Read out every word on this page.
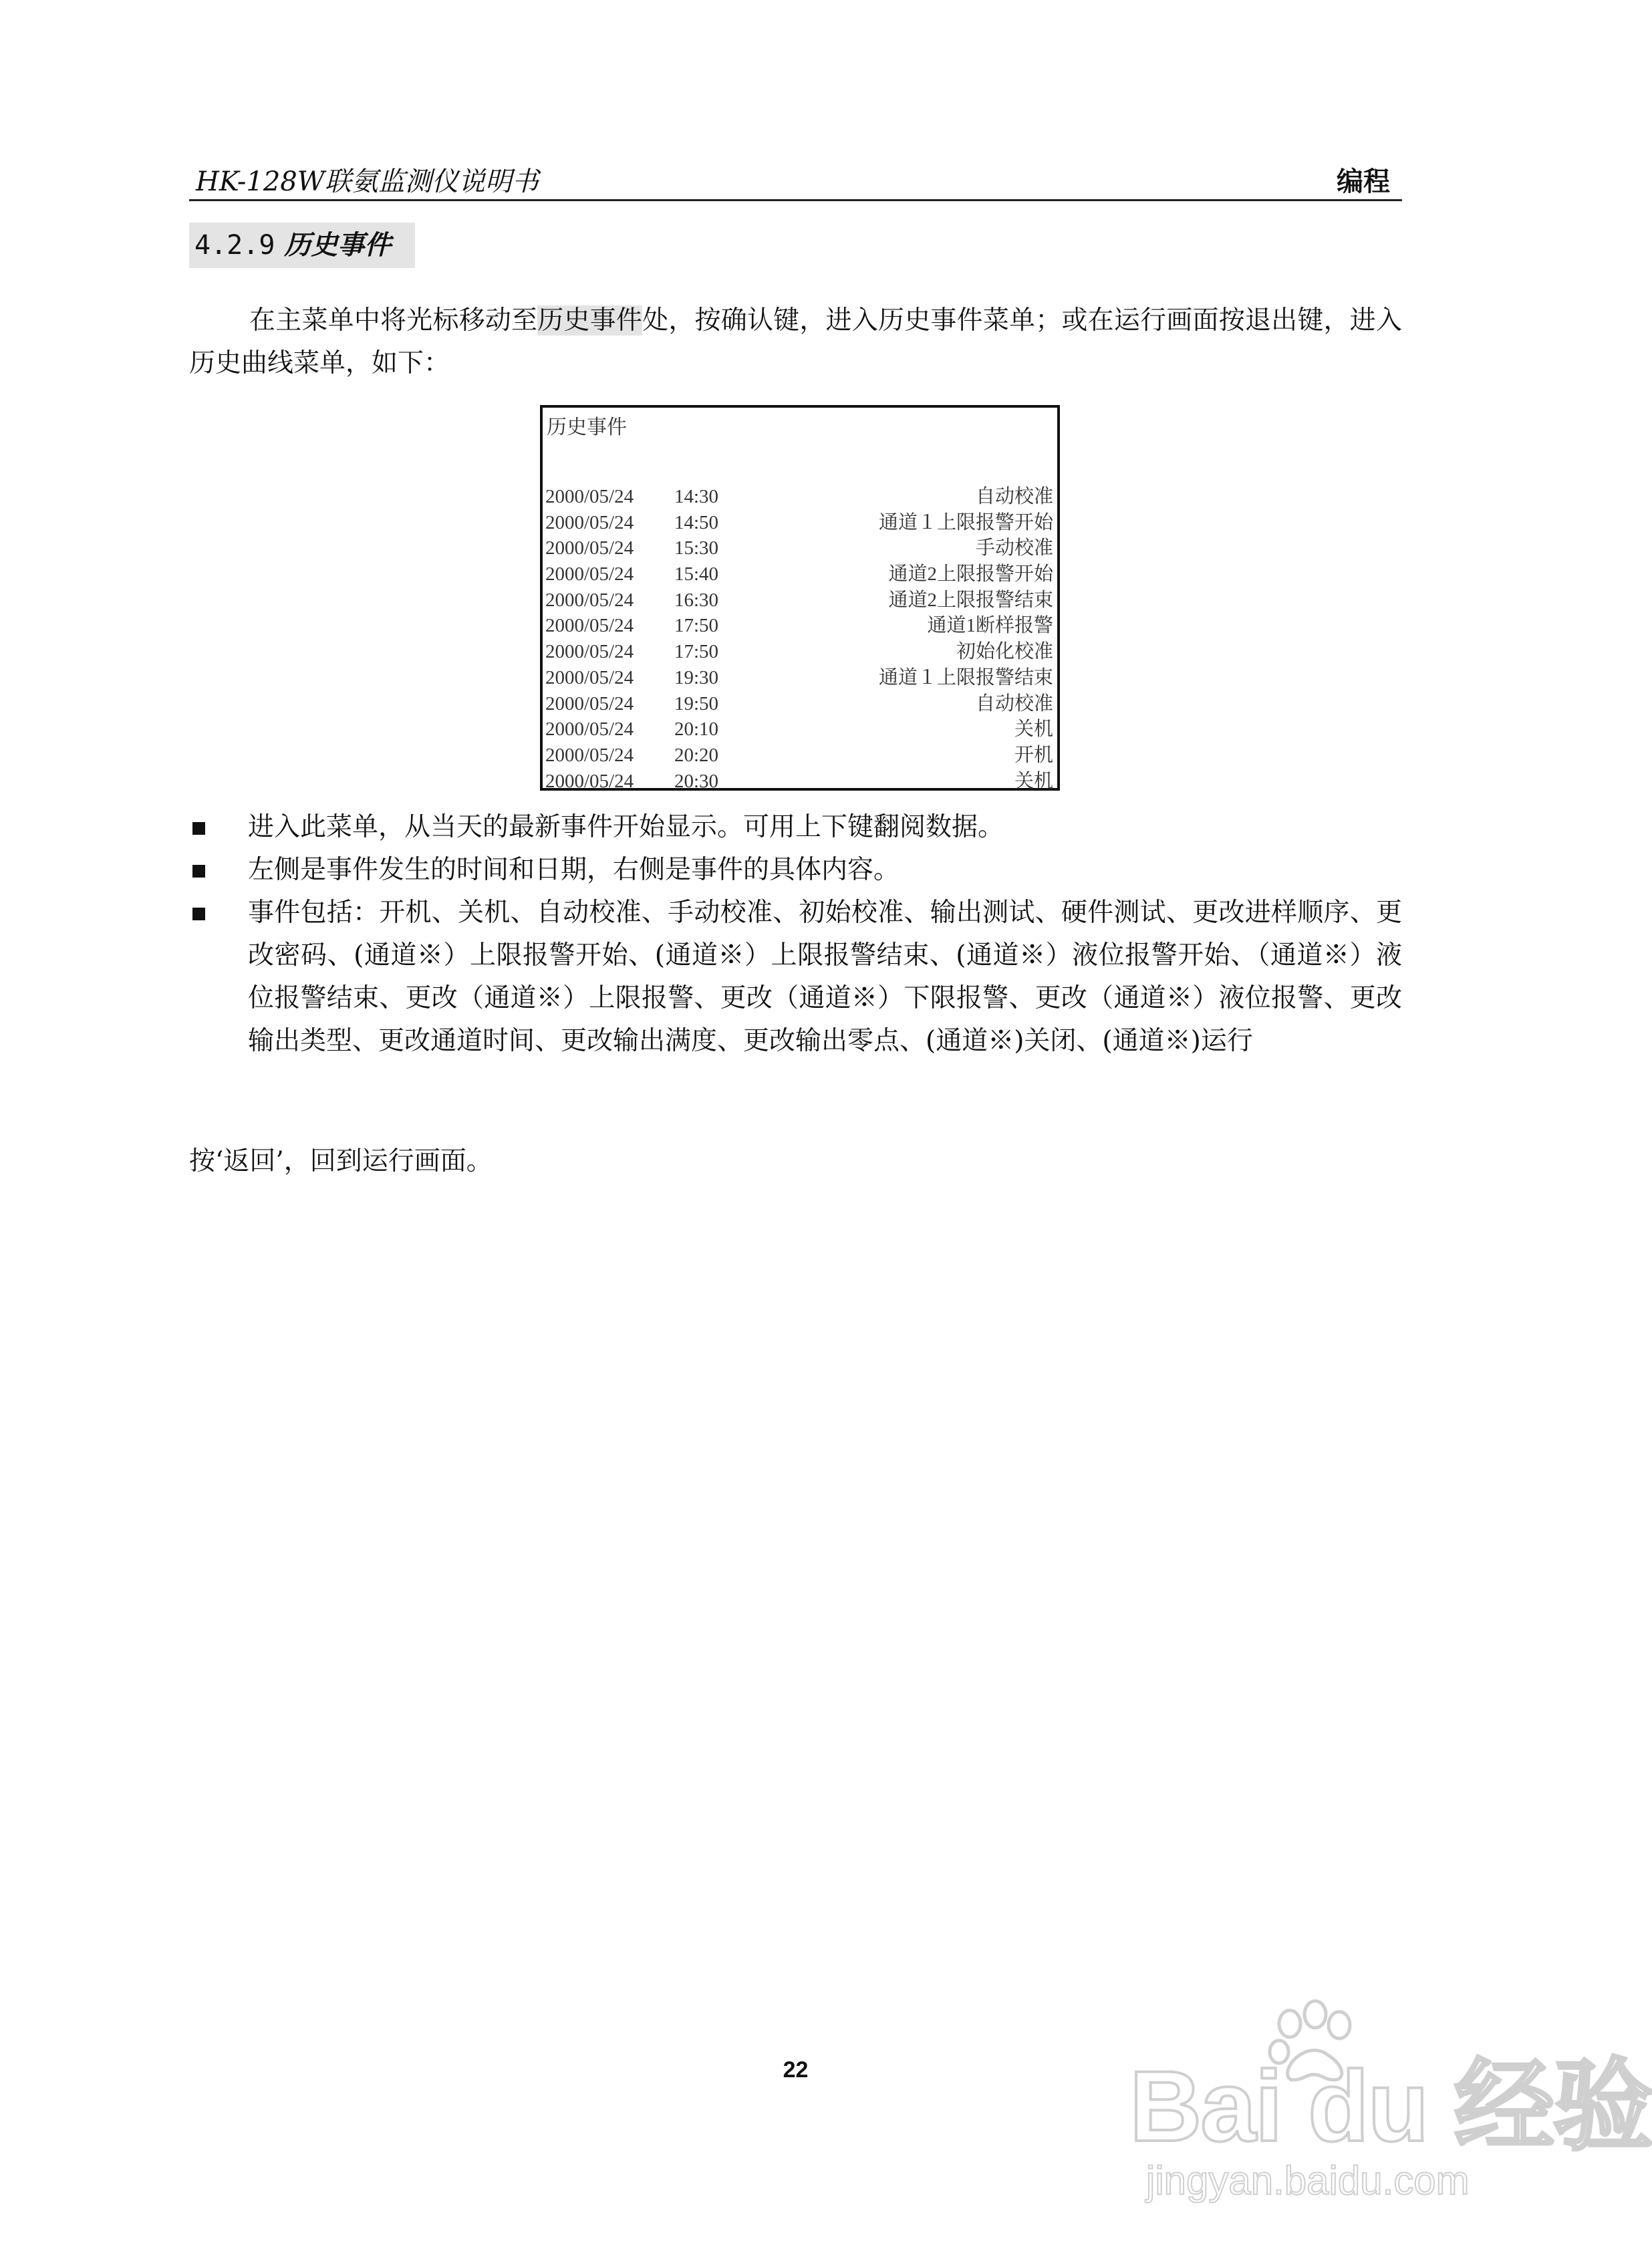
HK-128W联氨监测仪说明书	编程
4.2.9 历史事件
在主菜单中将光标移动至历史事件处，按确认键，进入历史事件菜单；或在运行画面按退出键，进入历史曲线菜单，如下：
历史事件
2000/05/24 14:30	自动校准
2000/05/24 14:50	通道１上限报警开始
2000/05/24 15:30	手动校准
2000/05/24 15:40	通道2上限报警开始
2000/05/24 16:30	通道2上限报警结束
2000/05/24 17:50	通道1断样报警
2000/05/24 17:50	初始化校准
2000/05/24 19:30	通道１上限报警结束
2000/05/24 19:50	自动校准
2000/05/24 20:10	关机
2000/05/24 20:20	开机
2000/05/24 20:30	关机
进入此菜单，从当天的最新事件开始显示。可用上下键翻阅数据。
左侧是事件发生的时间和日期，右侧是事件的具体内容。
事件包括：开机、关机、自动校准、手动校准、初始校准、输出测试、硬件测试、更改进样顺序、更改密码、(通道※）上限报警开始、(通道※）上限报警结束、(通道※）液位报警开始、（通道※）液位报警结束、更改（通道※）上限报警、更改（通道※）下限报警、更改（通道※）液位报警、更改输出类型、更改通道时间、更改输出满度、更改输出零点、(通道※)关闭、(通道※)运行
按‘返回’，回到运行画面。
22	Bai du 经验
jingyan.baidu.com
